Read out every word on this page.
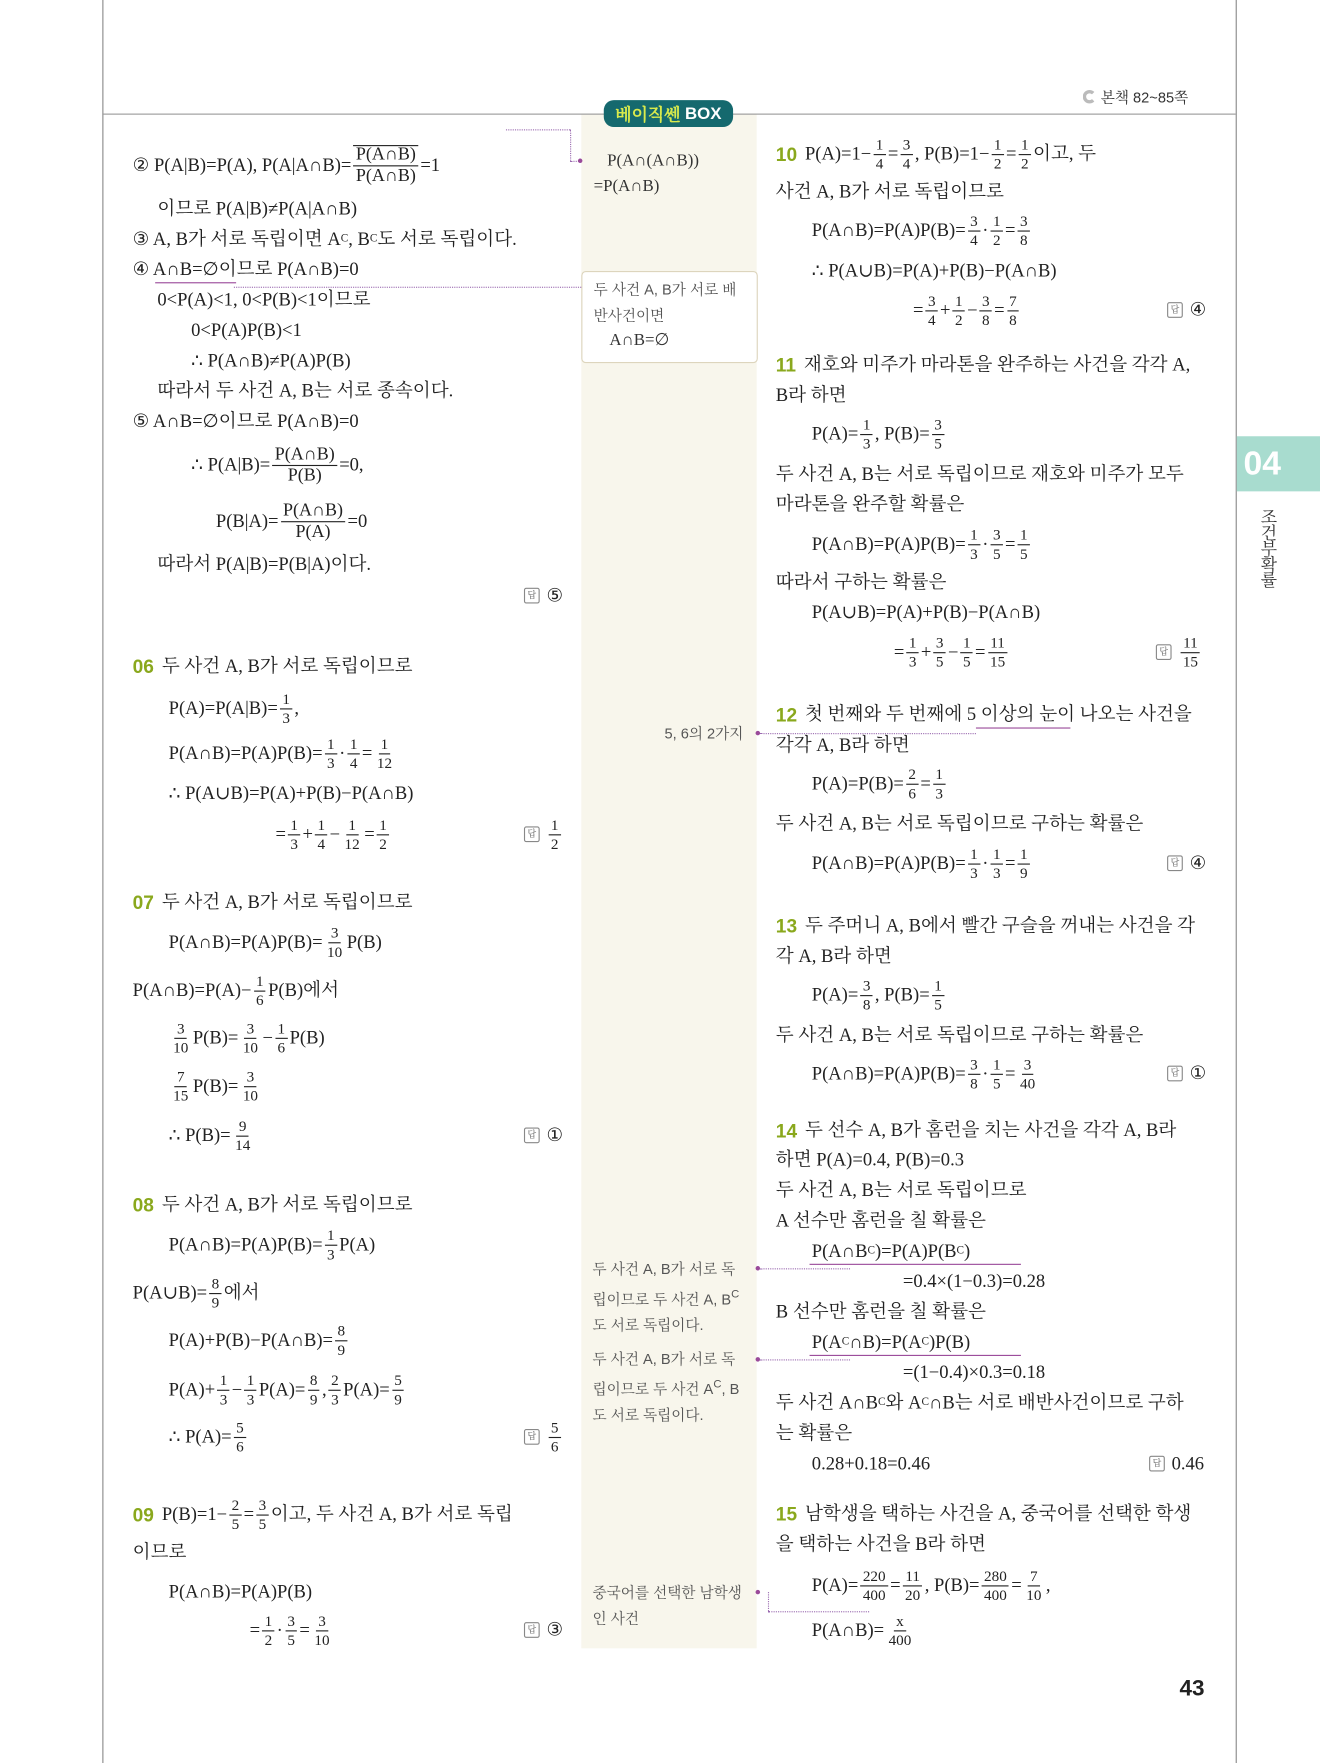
본책 82~85쪽
베이직쎈 BOX
04
조건부확률
43
② P(A|B)=P(A), P(A|A∩B)= $\frac{P(A\cap B)}{P(A\cap B)} =1$
이므로 P(A|B)≠P(A|A∩B)
③ A, B가 서로 독립이면 A C , B C 도 서로 독립이다.
④ A∩B=∅이므로 P(A∩B)=0
0<P(A)<1, 0<P(B)<1이므로
0<P(A)P(B)<1
∴ P(A∩B)≠P(A)P(B)
따라서 두 사건 A, B는 서로 종속이다.
⑤ A∩B=∅이므로 P(A∩B)=0
∴ $P(A|B)= \frac{P(A\cap B)}{P(B)} =0$,
$P(B|A)= \frac{P(A\cap B)}{P(A)} =0$
따라서 P(A|B)=P(B|A)이다.
답 ⑤
06 두 사건 A, B가 서로 독립이므로
$P(A)=P(A|B)= \frac{1}{3}$ ,
P(A∩B)=P(A)P(B)= $\frac{1}{3} \cdot \frac{1}{4} = \frac{1}{12}$
∴ P(A∪B)=P(A)+P(B)−P(A∩B)
= $\frac{1}{3} + \frac{1}{4} - \frac{1}{12} = \frac{1}{2}$	답 $\frac{1}{2}$
07 두 사건 A, B가 서로 독립이므로
P(A∩B)=P(A)P(B)= $\frac{3}{10} P(B)$
P(A∩B)=P(A)− $\frac{1}{6} P(B)$에서
$\frac{3}{10} P(B)= \frac{3}{10} - \frac{1}{6} P(B)$
$\frac{7}{15} P(B)= \frac{3}{10}$
∴ $P(B)= \frac{9}{14}$	답 ①
08 두 사건 A, B가 서로 독립이므로
P(A∩B)=P(A)P(B)= $\frac{1}{3} P(A)$
P(A∪B)= $\frac{8}{9}$ 에서
P(A)+P(B)−P(A∩B)= $\frac{8}{9}$
$P(A)+ \frac{1}{3} - \frac{1}{3} P(A)= \frac{8}{9}$ , $\frac{2}{3} P(A)= \frac{5}{9}$
∴ $P(A)= \frac{5}{6}$	답 $\frac{5}{6}$
09 $P(B)=1- \frac{2}{5} = \frac{3}{5}$ 이고, 두 사건 A, B가 서로 독립
이므로
P(A∩B)=P(A)P(B)
= $\frac{1}{2} \cdot \frac{3}{5} = \frac{3}{10}$	답 ③
10 $P(A)=1- \frac{1}{4} = \frac{3}{4}$ , $P(B)=1- \frac{1}{2} = \frac{1}{2}$ 이고, 두
사건 A, B가 서로 독립이므로
P(A∩B)=P(A)P(B)= $\frac{3}{4} \cdot \frac{1}{2} = \frac{3}{8}$
∴ P(A∪B)=P(A)+P(B)−P(A∩B)
= $\frac{3}{4} + \frac{1}{2} - \frac{3}{8} = \frac{7}{8}$	답 ④
11 재호와 미주가 마라톤을 완주하는 사건을 각각 A,
B라 하면
$P(A)= \frac{1}{3}$ , $P(B)= \frac{3}{5}$
두 사건 A, B는 서로 독립이므로 재호와 미주가 모두
마라톤을 완주할 확률은
P(A∩B)=P(A)P(B)= $\frac{1}{3} \cdot \frac{3}{5} = \frac{1}{5}$
따라서 구하는 확률은
P(A∪B)=P(A)+P(B)−P(A∩B)
= $\frac{1}{3} + \frac{3}{5} - \frac{1}{5} = \frac{11}{15}$	답 $\frac{11}{15}$
12 첫 번째와 두 번째에 5 이상의 눈이 나오는 사건을
각각 A, B라 하면
$P(A)=P(B)= \frac{2}{6} = \frac{1}{3}$
두 사건 A, B는 서로 독립이므로 구하는 확률은
P(A∩B)=P(A)P(B)= $\frac{1}{3} \cdot \frac{1}{3} = \frac{1}{9}$	답 ④
13 두 주머니 A, B에서 빨간 구슬을 꺼내는 사건을 각
각 A, B라 하면
$P(A)= \frac{3}{8}$ , $P(B)= \frac{1}{5}$
두 사건 A, B는 서로 독립이므로 구하는 확률은
P(A∩B)=P(A)P(B)= $\frac{3}{8} \cdot \frac{1}{5} = \frac{3}{40}$	답 ①
14 두 선수 A, B가 홈런을 치는 사건을 각각 A, B라
하면 P(A)=0.4, P(B)=0.3
두 사건 A, B는 서로 독립이므로
A 선수만 홈런을 칠 확률은
P(A∩B C )=P(A)P(B C )
=0.4×(1−0.3)=0.28
B 선수만 홈런을 칠 확률은
P(A C ∩B)=P(A C )P(B)
=(1−0.4)×0.3=0.18
두 사건 A∩B C 와 A C ∩B는 서로 배반사건이므로 구하
는 확률은
0.28+0.18=0.46	답 0.46
15 남학생을 택하는 사건을 A, 중국어를 선택한 학생
을 택하는 사건을 B라 하면
$P(A)= \frac{220}{400} = \frac{11}{20}$ , $P(B)= \frac{280}{400} = \frac{7}{10}$ ,
P(A∩B)= $\frac{x}{400}$
P(A∩(A∩B))
=P(A∩B)
두 사건 A, B가 서로 배
반사건이면
A∩B=∅
5, 6의 2가지
두 사건 A, B가 서로 독
립이므로 두 사건 A, $B^C$
도 서로 독립이다.
두 사건 A, B가 서로 독
립이므로 두 사건 $A^C$, B
도 서로 독립이다.
중국어를 선택한 남학생
인 사건
